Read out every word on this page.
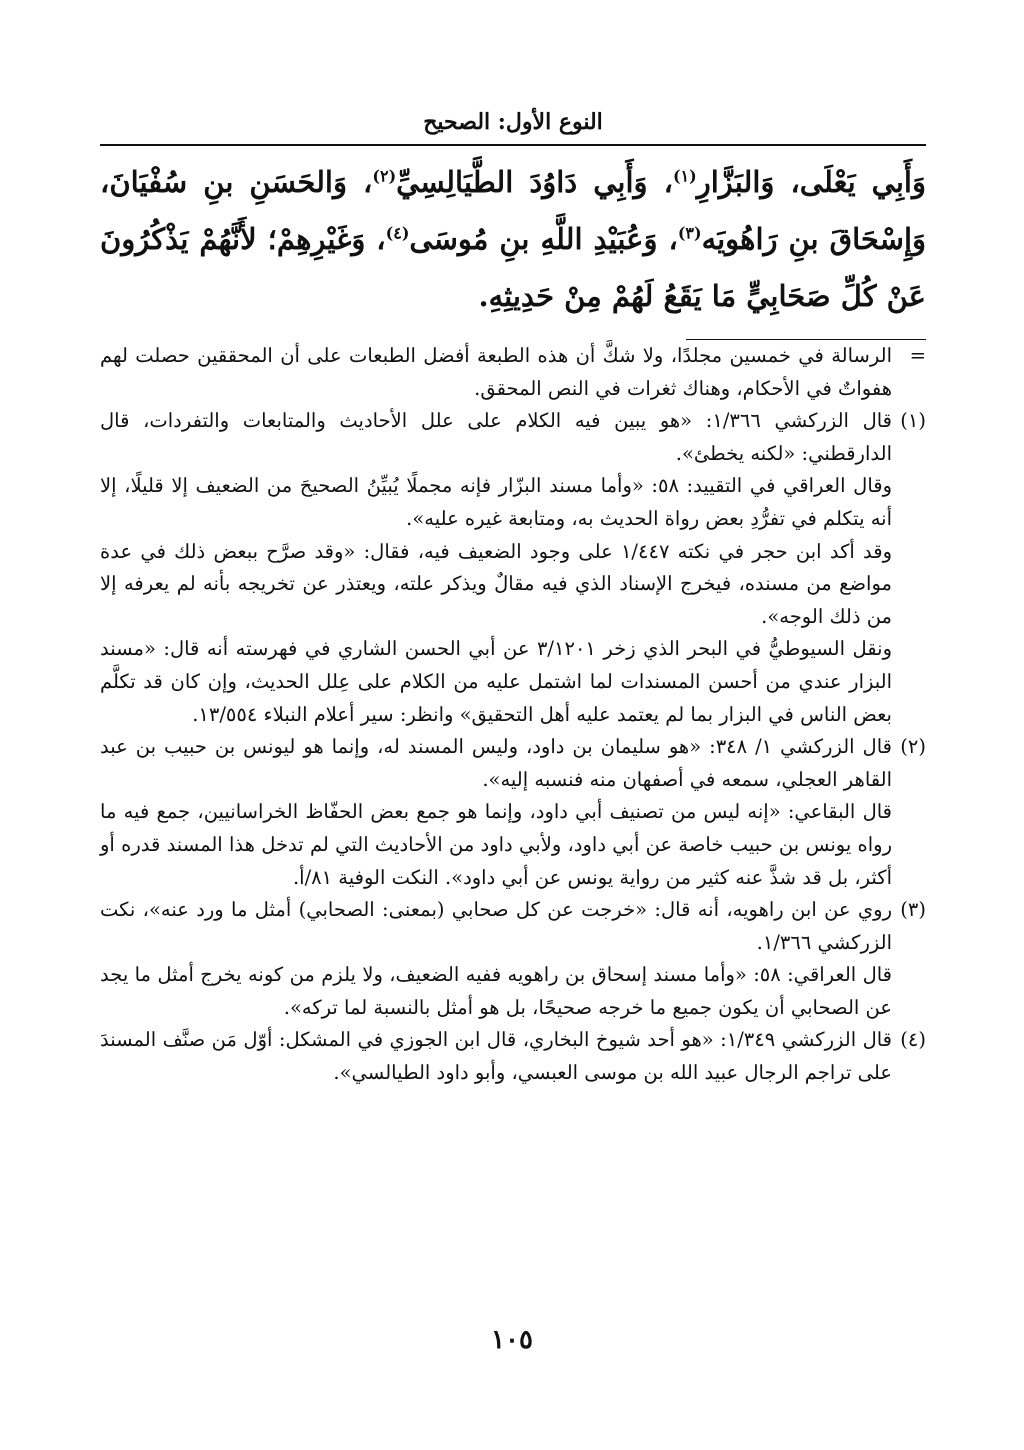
النوع الأول: الصحيح
وَأَبِي يَعْلَى، وَالبَزَّارِ$^{(١)}$، وَأَبِي دَاوُدَ الطَّيَالِسِيِّ$^{(٢)}$، وَالحَسَنِ بنِ سُفْيَانَ، وَإِسْحَاقَ بنِ رَاهُويَه$^{(٣)}$، وَعُبَيْدِ اللَّهِ بنِ مُوسَى$^{(٤)}$، وَغَيْرِهِمْ؛ لأَنَّهُمْ يَذْكُرُونَ عَنْ كُلِّ صَحَابِيٍّ مَا يَقَعُ لَهُمْ مِنْ حَدِيثِهِ.
=

الرسالة في خمسين مجلدًا، ولا شكَّ أن هذه الطبعة أفضل الطبعات على أن المحققين حصلت لهم هفواتٌ في الأحكام، وهناك ثغرات في النص المحقق.

(١)

قال الزركشي ١/٣٦٦: «هو يبين فيه الكلام على علل الأحاديث والمتابعات والتفردات، قال الدارقطني: «لكنه يخطئ».

وقال العراقي في التقييد: ٥٨: «وأما مسند البزّار فإنه مجملًا يُبيِّنُ الصحيحَ من الضعيف إلا قليلًا، إلا أنه يتكلم في تفرُّدِ بعض رواة الحديث به، ومتابعة غيره عليه».

وقد أكد ابن حجر في نكته ١/٤٤٧ على وجود الضعيف فيه، فقال: «وقد صرَّح ببعض ذلك في عدة مواضع من مسنده، فيخرج الإسناد الذي فيه مقالٌ ويذكر علته، ويعتذر عن تخريجه بأنه لم يعرفه إلا من ذلك الوجه».

ونقل السيوطيُّ في البحر الذي زخر ٣/١٢٠١ عن أبي الحسن الشاري في فهرسته أنه قال: «مسند البزار عندي من أحسن المسندات لما اشتمل عليه من الكلام على عِلل الحديث، وإن كان قد تكلَّم بعض الناس في البزار بما لم يعتمد عليه أهل التحقيق» وانظر: سير أعلام النبلاء ١٣/٥٥٤.

(٢)

قال الزركشي ١/ ٣٤٨: «هو سليمان بن داود، وليس المسند له، وإنما هو ليونس بن حبيب بن عبد القاهر العجلي، سمعه في أصفهان منه فنسبه إليه».

قال البقاعي: «إنه ليس من تصنيف أبي داود، وإنما هو جمع بعض الحفّاظ الخراسانيين، جمع فيه ما رواه يونس بن حبيب خاصة عن أبي داود، ولأبي داود من الأحاديث التي لم تدخل هذا المسند قدره أو أكثر، بل قد شذَّ عنه كثير من رواية يونس عن أبي داود». النكت الوفية ٨١/أ.

(٣)

روي عن ابن راهويه، أنه قال: «خرجت عن كل صحابي (بمعنى: الصحابي) أمثل ما ورد عنه»، نكت الزركشي ١/٣٦٦.

قال العراقي: ٥٨: «وأما مسند إسحاق بن راهويه ففيه الضعيف، ولا يلزم من كونه يخرج أمثل ما يجد عن الصحابي أن يكون جميع ما خرجه صحيحًا، بل هو أمثل بالنسبة لما تركه».

(٤)

قال الزركشي ١/٣٤٩: «هو أحد شيوخ البخاري، قال ابن الجوزي في المشكل: أوّل مَن صنَّف المسندَ على تراجم الرجال عبيد الله بن موسى العبسي، وأبو داود الطيالسي».

١٠٥
